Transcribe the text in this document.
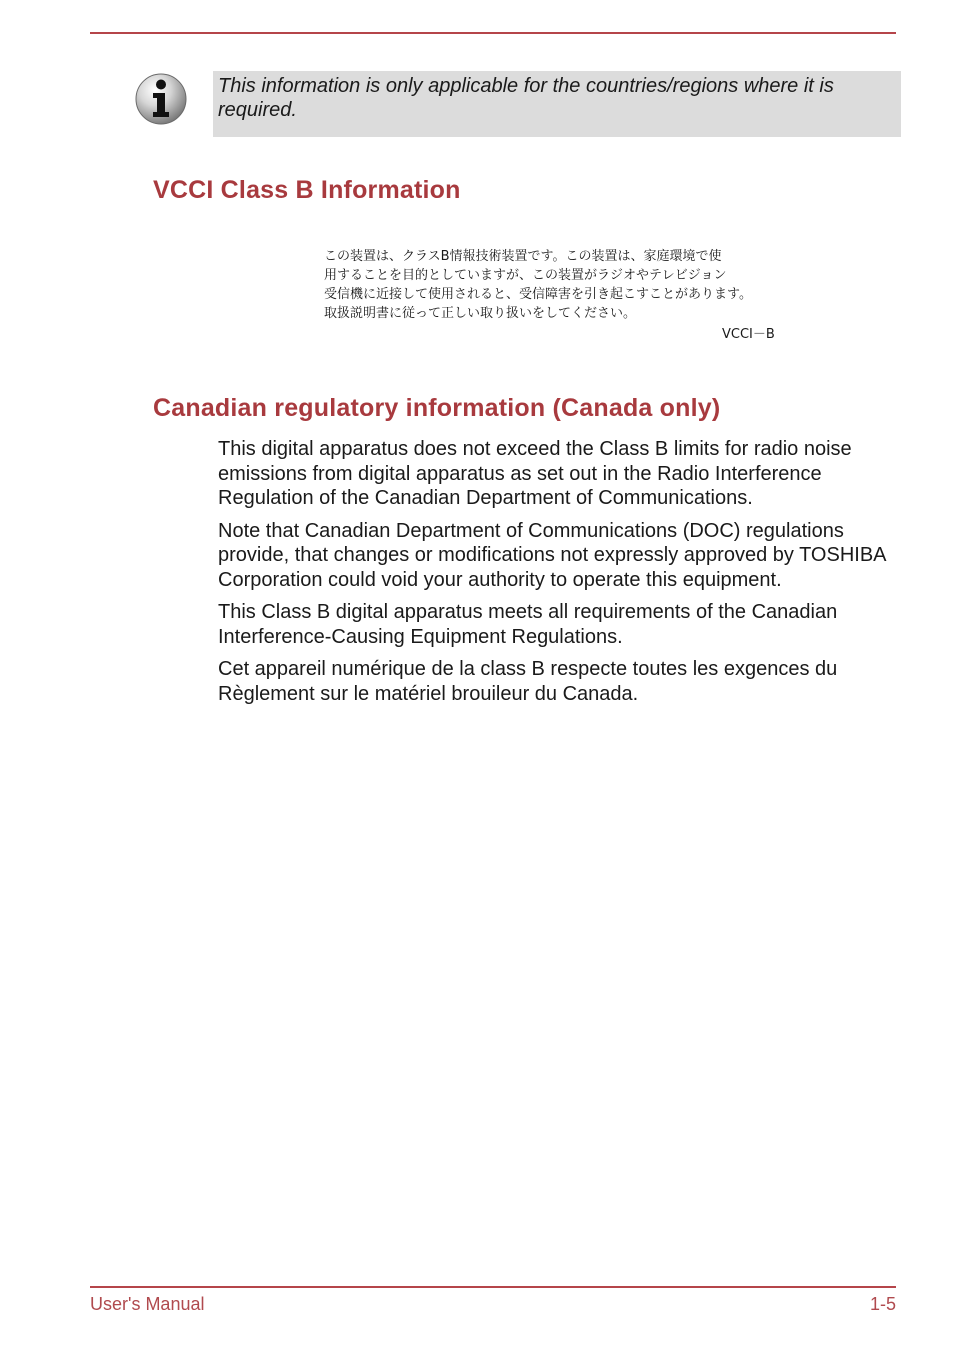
This information is only applicable for the countries/regions where it is required.
VCCI Class B Information
この装置は、クラスB情報技術装置です。この装置は、家庭環境で使
用することを目的としていますが、この装置がラジオやテレビジョン
受信機に近接して使用されると、受信障害を引き起こすことがあります。
取扱説明書に従って正しい取り扱いをしてください。
VCCI－B
Canadian regulatory information (Canada only)

This digital apparatus does not exceed the Class B limits for radio noise emissions from digital apparatus as set out in the Radio Interference Regulation of the Canadian Department of Communications.

Note that Canadian Department of Communications (DOC) regulations provide, that changes or modifications not expressly approved by TOSHIBA Corporation could void your authority to operate this equipment.

This Class B digital apparatus meets all requirements of the Canadian Interference-Causing Equipment Regulations.

Cet appareil numérique de la class B respecte toutes les exgences du Règlement sur le matériel brouileur du Canada.

User's Manual	1-5
